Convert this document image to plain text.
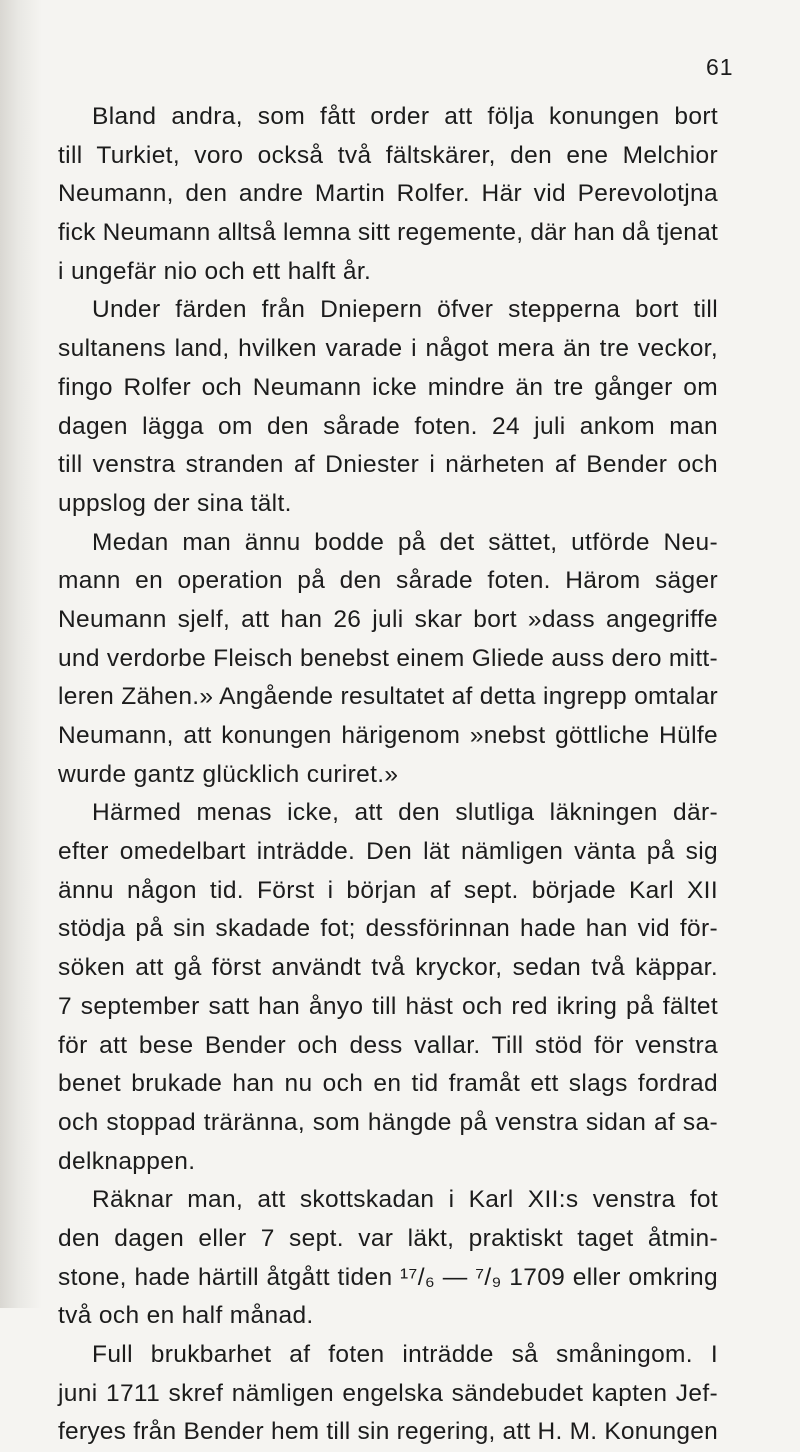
61
Bland andra, som fått order att följa konungen bort
till Turkiet, voro också två fältskärer, den ene Melchior
Neumann, den andre Martin Rolfer. Här vid Perevolotjna
fick Neumann alltså lemna sitt regemente, där han då tjenat
i ungefär nio och ett halft år.
Under färden från Dniepern öfver stepperna bort till
sultanens land, hvilken varade i något mera än tre veckor,
fingo Rolfer och Neumann icke mindre än tre gånger om
dagen lägga om den sårade foten. 24 juli ankom man
till venstra stranden af Dniester i närheten af Bender och
uppslog der sina tält.
Medan man ännu bodde på det sättet, utförde Neu-
mann en operation på den sårade foten. Härom säger
Neumann sjelf, att han 26 juli skar bort »dass angegriffe
und verdorbe Fleisch benebst einem Gliede auss dero mitt-
leren Zähen.» Angående resultatet af detta ingrepp omtalar
Neumann, att konungen härigenom »nebst göttliche Hülfe
wurde gantz glücklich curiret.»
Härmed menas icke, att den slutliga läkningen där-
efter omedelbart inträdde. Den lät nämligen vänta på sig
ännu någon tid. Först i början af sept. började Karl XII
stödja på sin skadade fot; dessförinnan hade han vid för-
söken att gå först användt två kryckor, sedan två käppar.
7 september satt han ånyo till häst och red ikring på fältet
för att bese Bender och dess vallar. Till stöd för venstra
benet brukade han nu och en tid framåt ett slags fordrad
och stoppad träränna, som hängde på venstra sidan af sa-
delknappen.
Räknar man, att skottskadan i Karl XII:s venstra fot
den dagen eller 7 sept. var läkt, praktiskt taget åtmin-
stone, hade härtill åtgått tiden ¹⁷/₆ — ⁷/₉ 1709 eller omkring
två och en half månad.
Full brukbarhet af foten inträdde så småningom. I
juni 1711 skref nämligen engelska sändebudet kapten Jef-
feryes från Bender hem till sin regering, att H. M. Konungen
